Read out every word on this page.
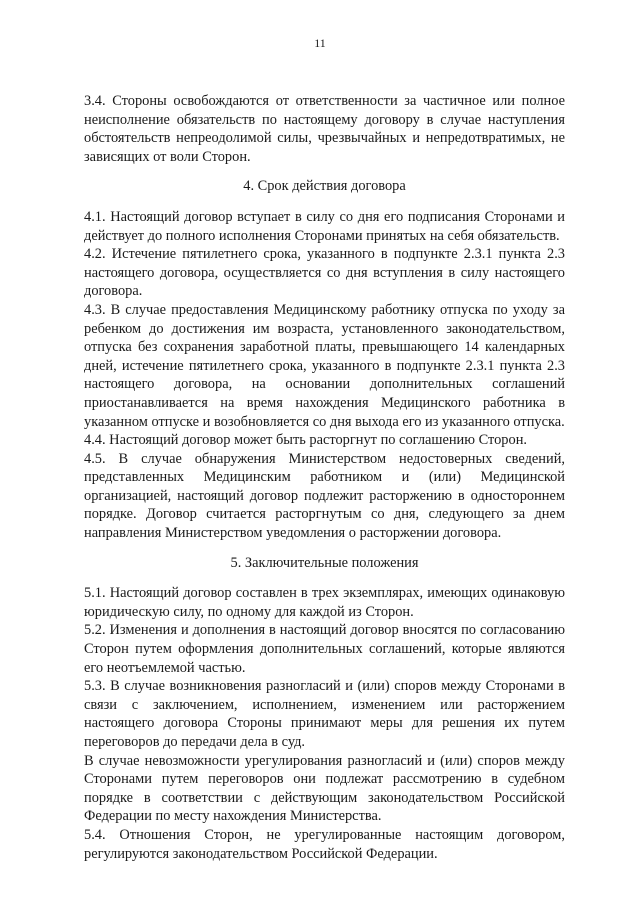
11

3.4. Стороны освобождаются от ответственности за частичное или полное неисполнение обязательств по настоящему договору в случае наступления обстоятельств непреодолимой силы, чрезвычайных и непредотвратимых, не зависящих от воли Сторон.

4. Срок действия договора

4.1. Настоящий договор вступает в силу со дня его подписания Сторонами и действует до полного исполнения Сторонами принятых на себя обязательств.

4.2. Истечение пятилетнего срока, указанного в подпункте 2.3.1 пункта 2.3 настоящего договора, осуществляется со дня вступления в силу настоящего договора.

4.3. В случае предоставления Медицинскому работнику отпуска по уходу за ребенком до достижения им возраста, установленного законодательством, отпуска без сохранения заработной платы, превышающего 14 календарных дней, истечение пятилетнего срока, указанного в подпункте 2.3.1 пункта 2.3 настоящего договора, на основании дополнительных соглашений приостанавливается на время нахождения Медицинского работника в указанном отпуске и возобновляется со дня выхода его из указанного отпуска.

4.4. Настоящий договор может быть расторгнут по соглашению Сторон.

4.5. В случае обнаружения Министерством недостоверных сведений, представленных Медицинским работником и (или) Медицинской организацией, настоящий договор подлежит расторжению в одностороннем порядке. Договор считается расторгнутым со дня, следующего за днем направления Министерством уведомления о расторжении договора.

5. Заключительные положения

5.1. Настоящий договор составлен в трех экземплярах, имеющих одинаковую юридическую силу, по одному для каждой из Сторон.

5.2. Изменения и дополнения в настоящий договор вносятся по согласованию Сторон путем оформления дополнительных соглашений, которые являются его неотъемлемой частью.

5.3. В случае возникновения разногласий и (или) споров между Сторонами в связи с заключением, исполнением, изменением или расторжением настоящего договора Стороны принимают меры для решения их путем переговоров до передачи дела в суд.

В случае невозможности урегулирования разногласий и (или) споров между Сторонами путем переговоров они подлежат рассмотрению в судебном порядке в соответствии с действующим законодательством Российской Федерации по месту нахождения Министерства.

5.4. Отношения Сторон, не урегулированные настоящим договором, регулируются законодательством Российской Федерации.
